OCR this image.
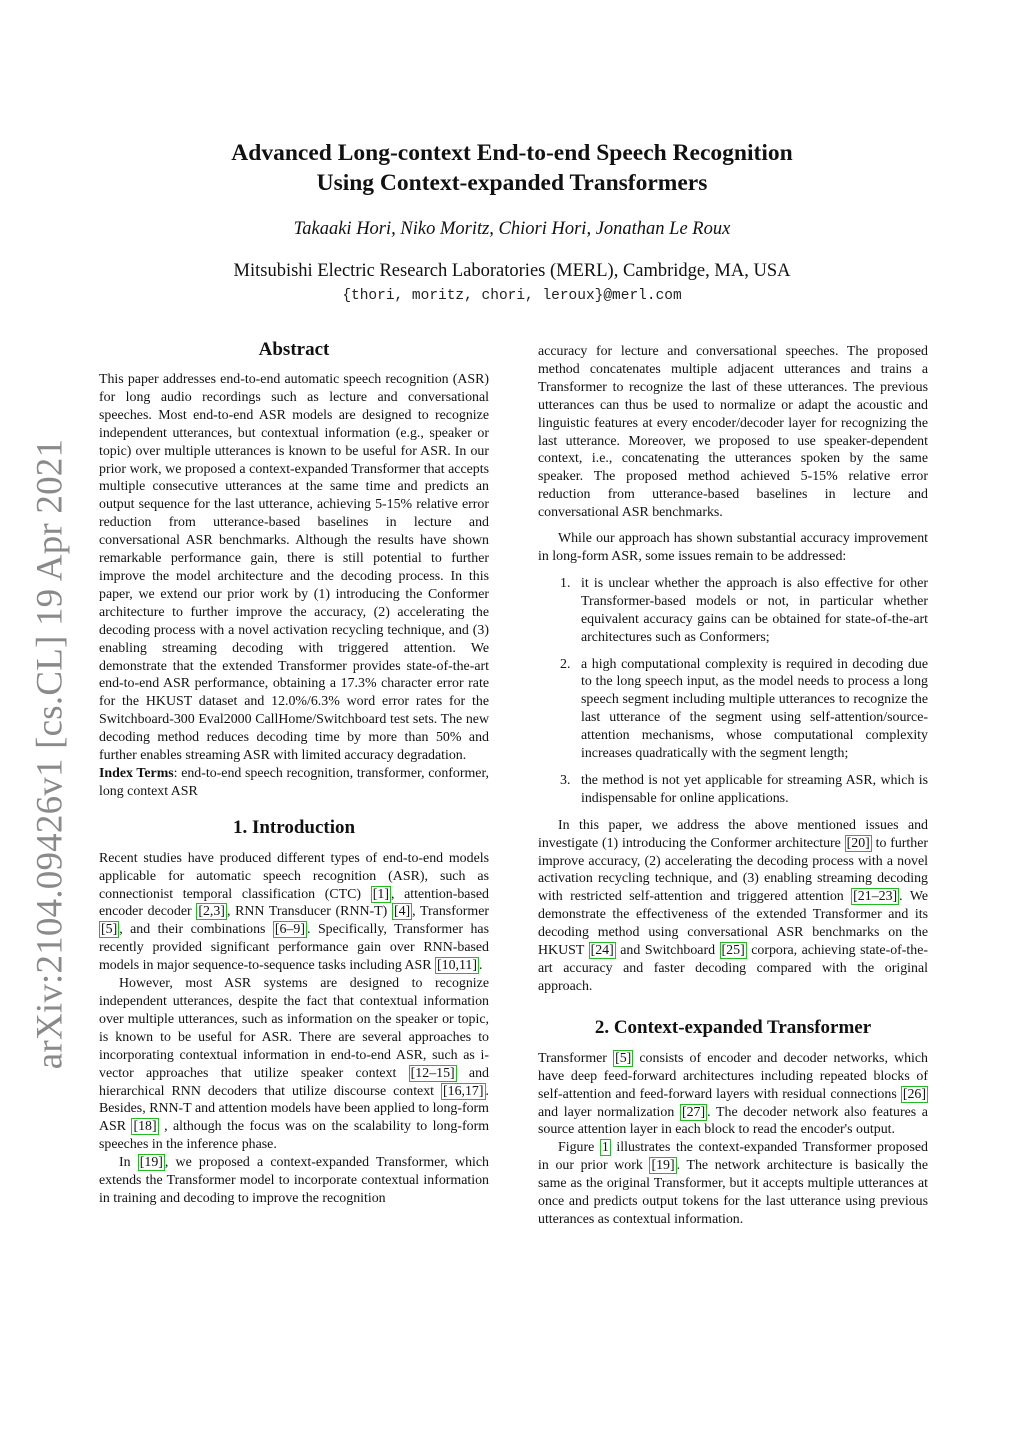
arXiv:2104.09426v1 [cs.CL] 19 Apr 2021
Advanced Long-context End-to-end Speech Recognition
Using Context-expanded Transformers
Takaaki Hori, Niko Moritz, Chiori Hori, Jonathan Le Roux
Mitsubishi Electric Research Laboratories (MERL), Cambridge, MA, USA
{thori, moritz, chori, leroux}@merl.com
Abstract

This paper addresses end-to-end automatic speech recognition (ASR) for long audio recordings such as lecture and conversational speeches. Most end-to-end ASR models are designed to recognize independent utterances, but contextual information (e.g., speaker or topic) over multiple utterances is known to be useful for ASR. In our prior work, we proposed a context-expanded Transformer that accepts multiple consecutive utterances at the same time and predicts an output sequence for the last utterance, achieving 5-15% relative error reduction from utterance-based baselines in lecture and conversational ASR benchmarks. Although the results have shown remarkable performance gain, there is still potential to further improve the model architecture and the decoding process. In this paper, we extend our prior work by (1) introducing the Conformer architecture to further improve the accuracy, (2) accelerating the decoding process with a novel activation recycling technique, and (3) enabling streaming decoding with triggered attention. We demonstrate that the extended Transformer provides state-of-the-art end-to-end ASR performance, obtaining a 17.3% character error rate for the HKUST dataset and 12.0%/6.3% word error rates for the Switchboard-300 Eval2000 CallHome/Switchboard test sets. The new decoding method reduces decoding time by more than 50% and further enables streaming ASR with limited accuracy degradation.

Index Terms: end-to-end speech recognition, transformer, conformer, long context ASR

1. Introduction

Recent studies have produced different types of end-to-end models applicable for automatic speech recognition (ASR), such as connectionist temporal classification (CTC) [1] , attention-based encoder decoder [2,3] , RNN Transducer (RNN-T) [4] , Transformer [5] , and their combinations [6–9] . Specifically, Transformer has recently provided significant performance gain over RNN-based models in major sequence-to-sequence tasks including ASR [10,11] .

However, most ASR systems are designed to recognize independent utterances, despite the fact that contextual information over multiple utterances, such as information on the speaker or topic, is known to be useful for ASR. There are several approaches to incorporating contextual information in end-to-end ASR, such as i-vector approaches that utilize speaker context [12–15] and hierarchical RNN decoders that utilize discourse context [16,17] . Besides, RNN-T and attention models have been applied to long-form ASR [18] , although the focus was on the scalability to long-form speeches in the inference phase.

In [19] , we proposed a context-expanded Transformer, which extends the Transformer model to incorporate contextual information in training and decoding to improve the recognition

accuracy for lecture and conversational speeches. The proposed method concatenates multiple adjacent utterances and trains a Transformer to recognize the last of these utterances. The previous utterances can thus be used to normalize or adapt the acoustic and linguistic features at every encoder/decoder layer for recognizing the last utterance. Moreover, we proposed to use speaker-dependent context, i.e., concatenating the utterances spoken by the same speaker. The proposed method achieved 5-15% relative error reduction from utterance-based baselines in lecture and conversational ASR benchmarks.

While our approach has shown substantial accuracy improvement in long-form ASR, some issues remain to be addressed:

1. it is unclear whether the approach is also effective for other Transformer-based models or not, in particular whether equivalent accuracy gains can be obtained for state-of-the-art architectures such as Conformers;
2. a high computational complexity is required in decoding due to the long speech input, as the model needs to process a long speech segment including multiple utterances to recognize the last utterance of the segment using self-attention/source-attention mechanisms, whose computational complexity increases quadratically with the segment length;
3. the method is not yet applicable for streaming ASR, which is indispensable for online applications.

In this paper, we address the above mentioned issues and investigate (1) introducing the Conformer architecture [20] to further improve accuracy, (2) accelerating the decoding process with a novel activation recycling technique, and (3) enabling streaming decoding with restricted self-attention and triggered attention [21–23] . We demonstrate the effectiveness of the extended Transformer and its decoding method using conversational ASR benchmarks on the HKUST [24] and Switchboard [25] corpora, achieving state-of-the-art accuracy and faster decoding compared with the original approach.

2. Context-expanded Transformer

Transformer [5] consists of encoder and decoder networks, which have deep feed-forward architectures including repeated blocks of self-attention and feed-forward layers with residual connections [26] and layer normalization [27] . The decoder network also features a source attention layer in each block to read the encoder's output.

Figure 1 illustrates the context-expanded Transformer proposed in our prior work [19] . The network architecture is basically the same as the original Transformer, but it accepts multiple utterances at once and predicts output tokens for the last utterance using previous utterances as contextual information.
